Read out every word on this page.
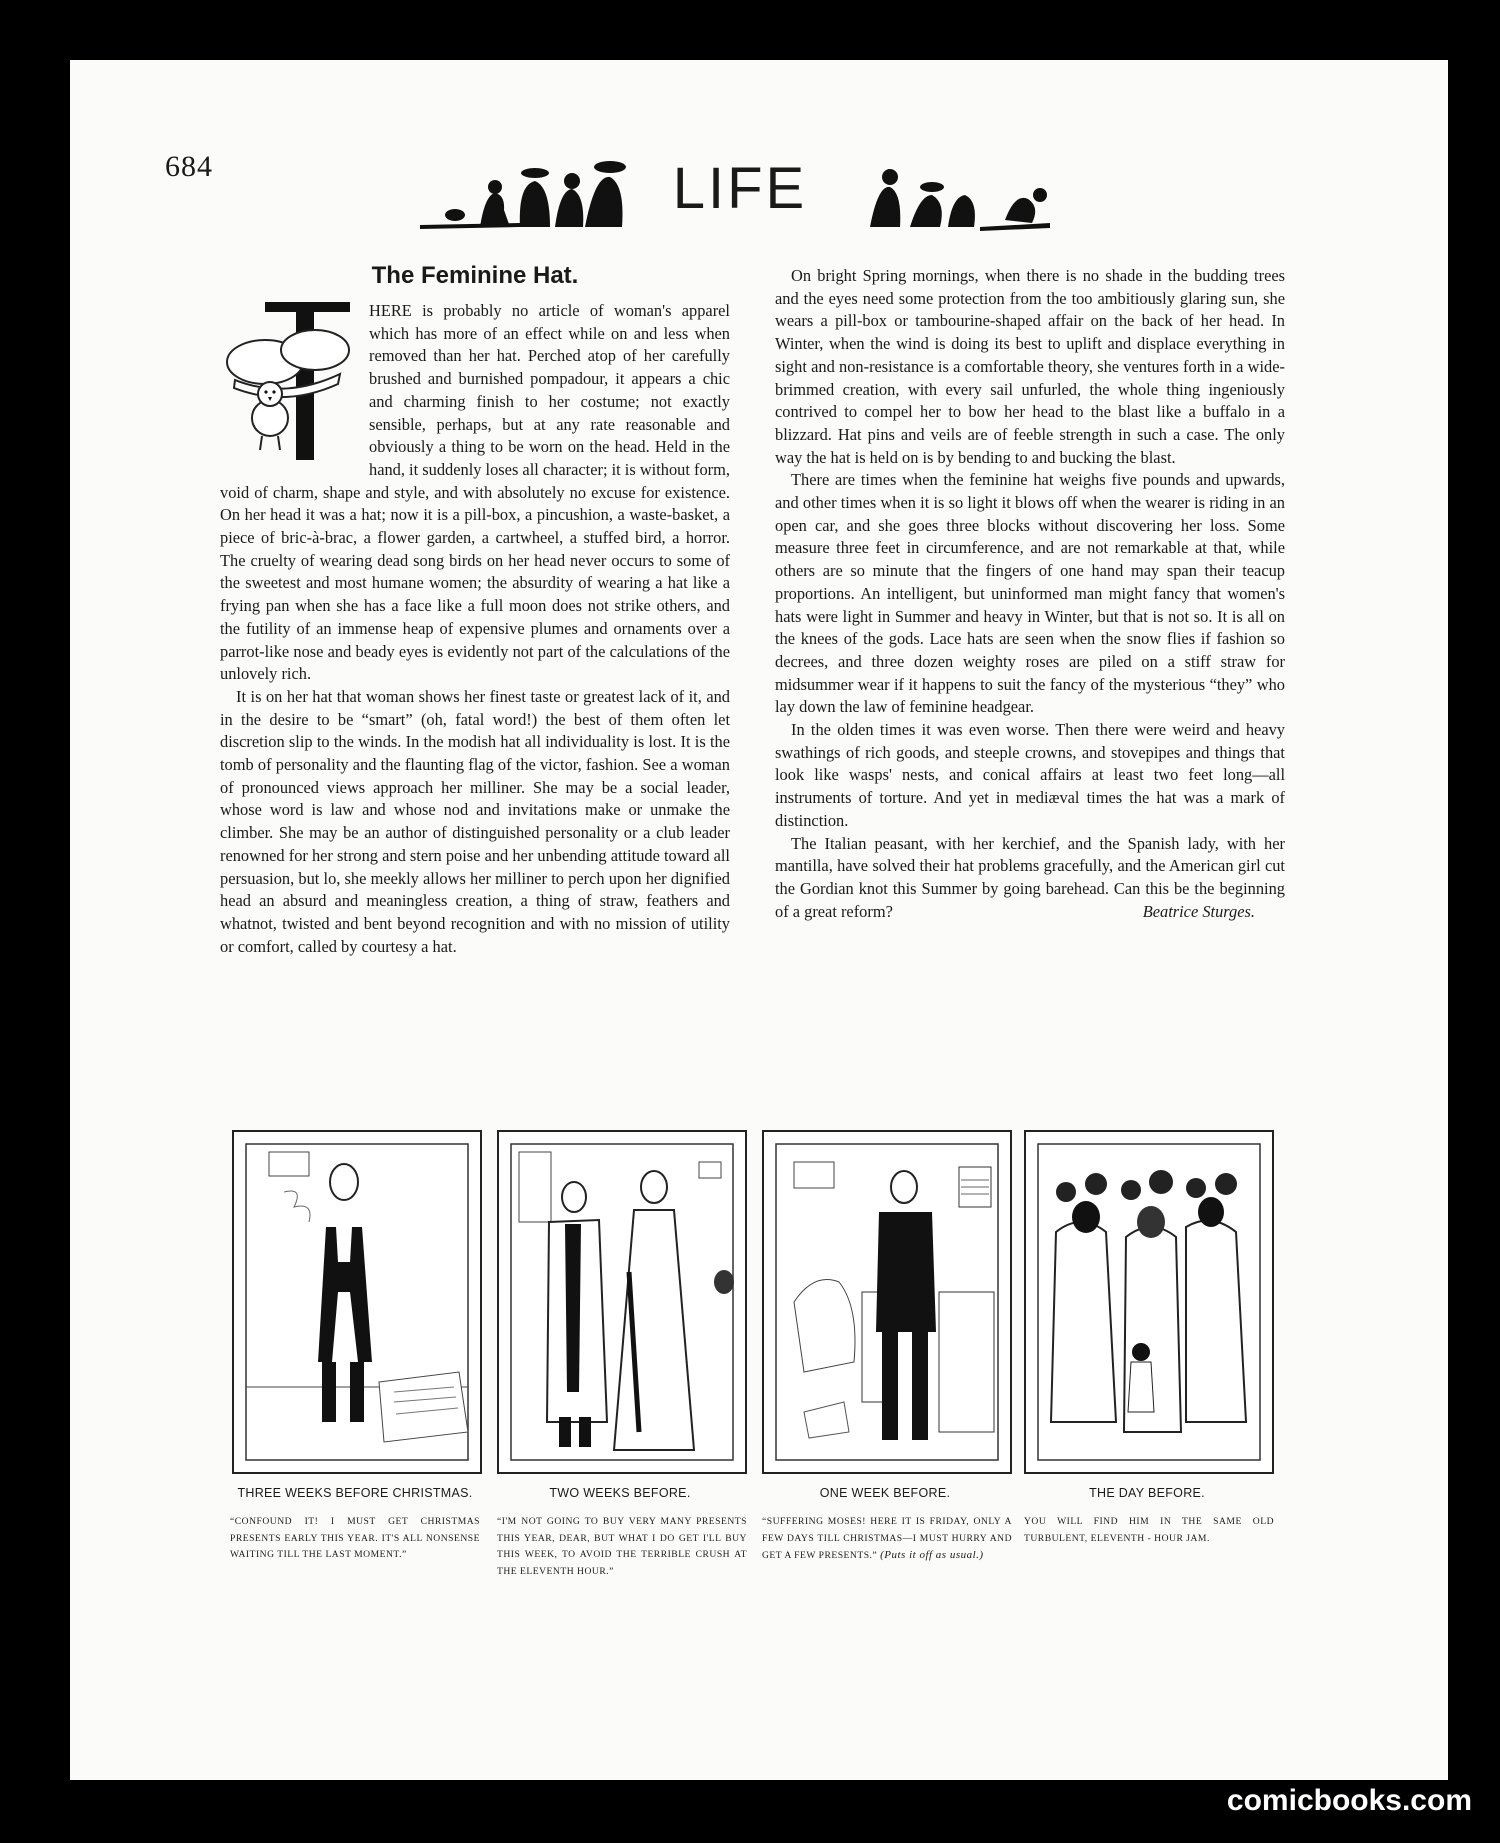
684	LIFE
The Feminine Hat.
T

HERE is probably no article of woman's apparel which has more of an effect while on and less when removed than her hat. Perched atop of her carefully brushed and burnished pompadour, it appears a chic and charming finish to her costume; not exactly sensible, perhaps, but at any rate reasonable and obviously a thing to be worn on the head. Held in the hand, it suddenly loses all character; it is without form, void of charm, shape and style, and with absolutely no excuse for existence. On her head it was a hat; now it is a pill-box, a pincushion, a waste-basket, a piece of bric-à-brac, a flower garden, a cartwheel, a stuffed bird, a horror. The cruelty of wearing dead song birds on her head never occurs to some of the sweetest and most humane women; the absurdity of wearing a hat like a frying pan when she has a face like a full moon does not strike others, and the futility of an immense heap of expensive plumes and ornaments over a parrot-like nose and beady eyes is evidently not part of the calculations of the unlovely rich.

It is on her hat that woman shows her finest taste or greatest lack of it, and in the desire to be “smart” (oh, fatal word!) the best of them often let discretion slip to the winds. In the modish hat all individuality is lost. It is the tomb of personality and the flaunting flag of the victor, fashion. See a woman of pronounced views approach her milliner. She may be a social leader, whose word is law and whose nod and invitations make or unmake the climber. She may be an author of distinguished personality or a club leader renowned for her strong and stern poise and her unbending attitude toward all persuasion, but lo, she meekly allows her milliner to perch upon her dignified head an absurd and meaningless creation, a thing of straw, feathers and whatnot, twisted and bent beyond recognition and with no mission of utility or comfort, called by courtesy a hat.

On bright Spring mornings, when there is no shade in the budding trees and the eyes need some protection from the too ambitiously glaring sun, she wears a pill-box or tambourine-shaped affair on the back of her head. In Winter, when the wind is doing its best to uplift and displace everything in sight and non-resistance is a comfortable theory, she ventures forth in a wide-brimmed creation, with every sail unfurled, the whole thing ingeniously contrived to compel her to bow her head to the blast like a buffalo in a blizzard. Hat pins and veils are of feeble strength in such a case. The only way the hat is held on is by bending to and bucking the blast.

There are times when the feminine hat weighs five pounds and upwards, and other times when it is so light it blows off when the wearer is riding in an open car, and she goes three blocks without discovering her loss. Some measure three feet in circumference, and are not remarkable at that, while others are so minute that the fingers of one hand may span their teacup proportions. An intelligent, but uninformed man might fancy that women's hats were light in Summer and heavy in Winter, but that is not so. It is all on the knees of the gods. Lace hats are seen when the snow flies if fashion so decrees, and three dozen weighty roses are piled on a stiff straw for midsummer wear if it happens to suit the fancy of the mysterious “they” who lay down the law of feminine headgear.

In the olden times it was even worse. Then there were weird and heavy swathings of rich goods, and steeple crowns, and stovepipes and things that look like wasps' nests, and conical affairs at least two feet long—all instruments of torture. And yet in mediæval times the hat was a mark of distinction.

The Italian peasant, with her kerchief, and the Spanish lady, with her mantilla, have solved their hat problems gracefully, and the American girl cut the Gordian knot this Summer by going barehead. Can this be the beginning of a great reform?	Beatrice Sturges.

THREE WEEKS BEFORE CHRISTMAS.
“CONFOUND IT! I MUST GET CHRISTMAS PRESENTS EARLY THIS YEAR. IT'S ALL NONSENSE WAITING TILL THE LAST MOMENT.”
TWO WEEKS BEFORE.
“I'M NOT GOING TO BUY VERY MANY PRESENTS THIS YEAR, DEAR, BUT WHAT I DO GET I'LL BUY THIS WEEK, TO AVOID THE TERRIBLE CRUSH AT THE ELEVENTH HOUR.”
ONE WEEK BEFORE.
“SUFFERING MOSES! HERE IT IS FRIDAY, ONLY A FEW DAYS TILL CHRISTMAS—I MUST HURRY AND GET A FEW PRESENTS.” (Puts it off as usual.)
THE DAY BEFORE.
YOU WILL FIND HIM IN THE SAME OLD TURBULENT, ELEVENTH - HOUR JAM.
comicbooks.com
